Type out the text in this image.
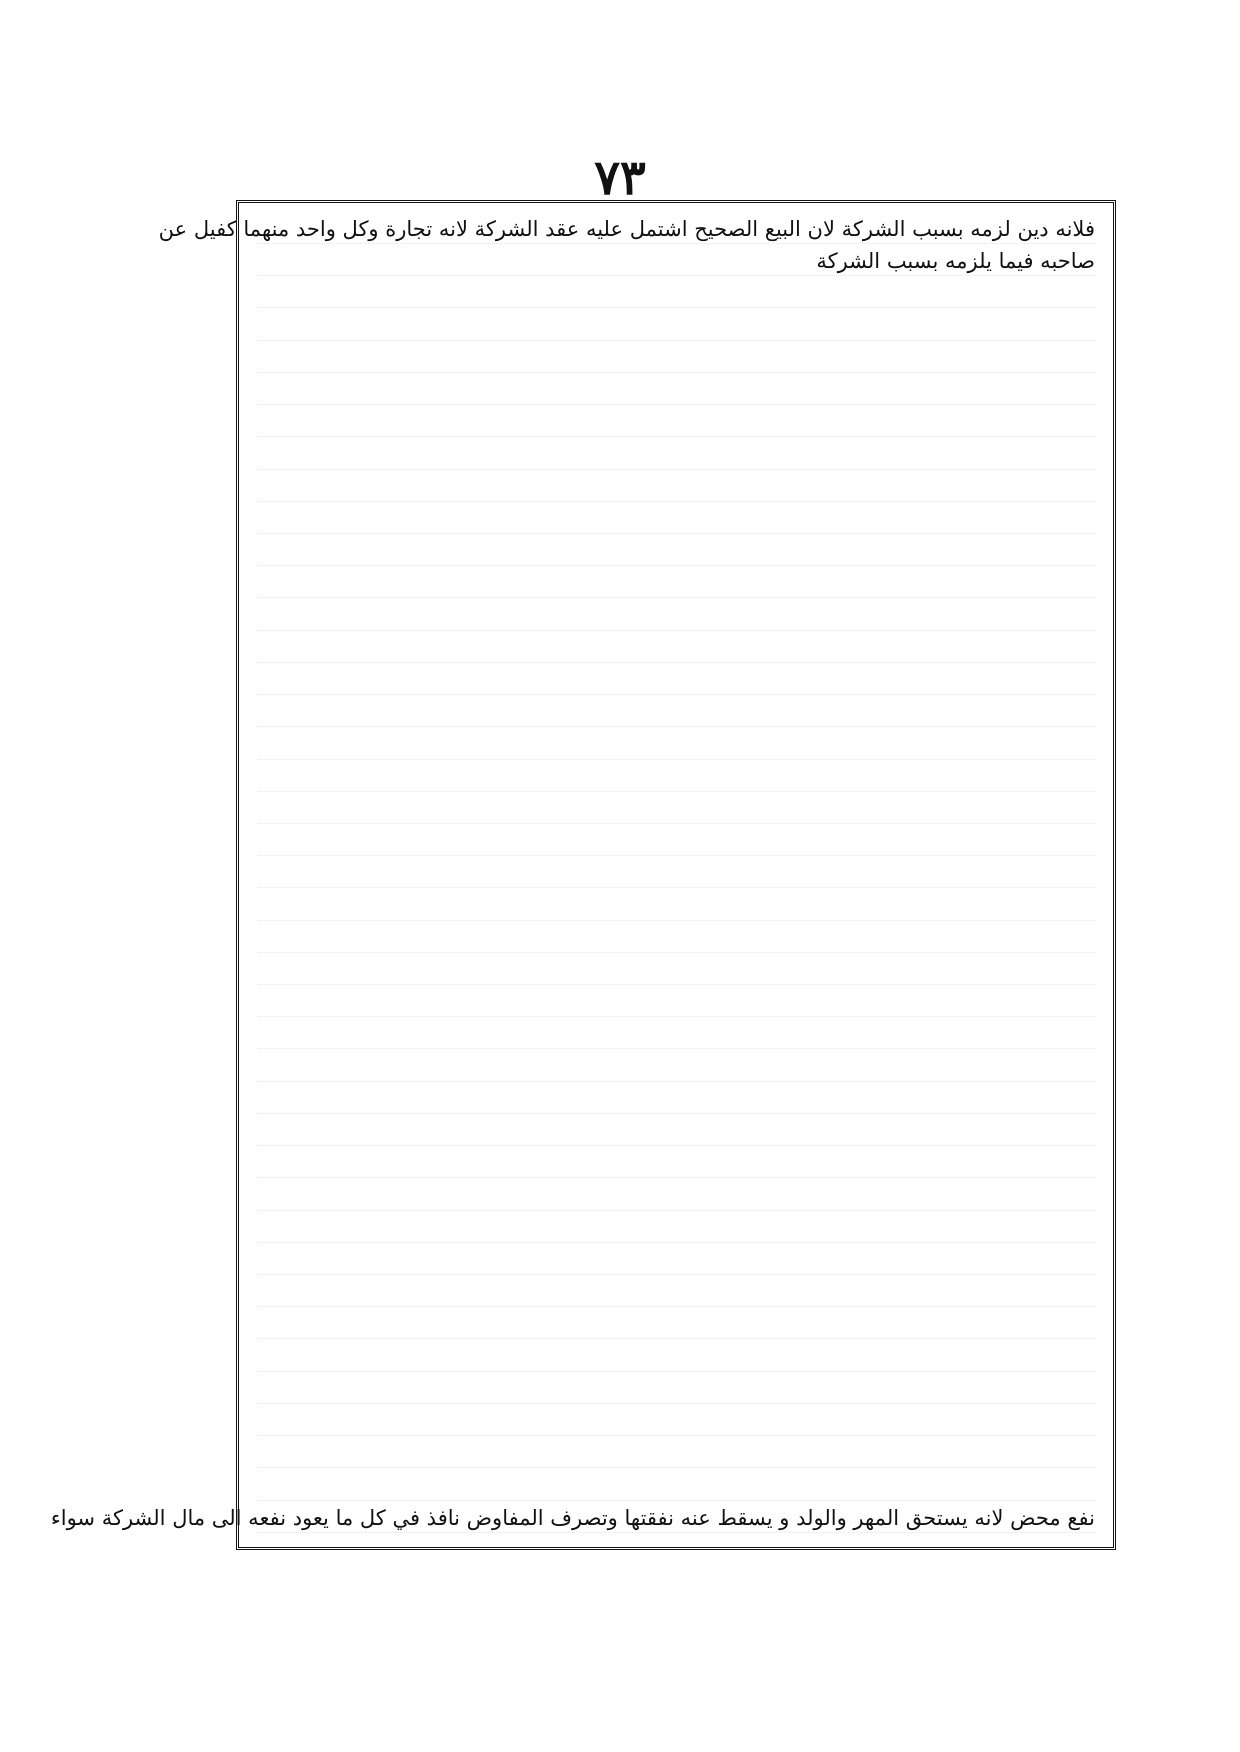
٧٣
فلانه دين لزمه بسبب الشركة لان البيع الصحيح اشتمل عليه عقد الشركة لانه تجارة وكل واحد منهما كفيل عن
صاحبه فيما يلزمه بسبب الشركة
نفع محض لانه يستحق المهر والولد و يسقط عنه نفقتها وتصرف المفاوض نافذ في كل ما يعود نفعه الى مال الشركة سواء
